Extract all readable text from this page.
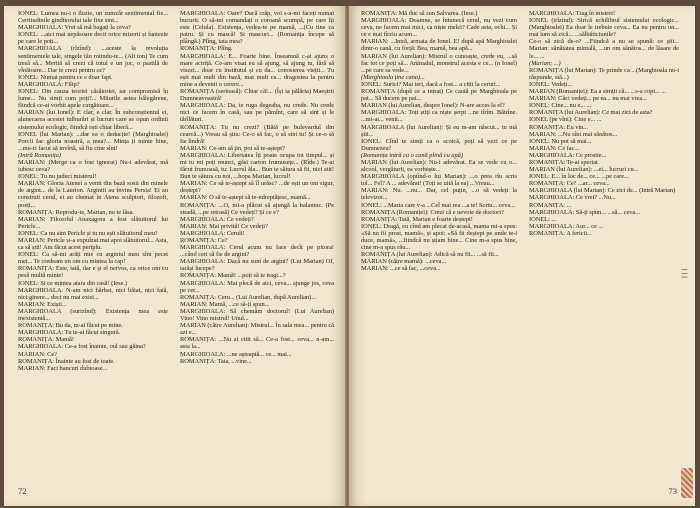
IONEL: Lumea nu-i o iluzie, un zumzăr sentimental fix... Certitudinile ginditorului tale fixe sint...

MARGHIOALA: Vrei să mă bagați la ceva?

IONEL: ...aici mai nepăsoare decit orice mizerii și fantezie pe care le poți...

MARGHIOALA (rîzînd): ...aceste la revoluția sentimentele tale, singele tău rotindu-te... (Alt ton) Te cum tresă să... Merită să crezi că totul e un joc, o pastilă de vînătoare... Dar te crezi pentru ce?

IONEL: Numai pentru ce e doar fapt.

MARGHIOALA: Filip?

IONEL: Din cauza teoriei căsătoriei, iar compromisă în lume... Nu simți cum poți?... Miturile astea bălegărene, fiindcă ce-ai vorbit apele curgătoare...

MARIAN (lui Ionel): E clar, e clar. În subconștientul ei, alunecarea acestei tulburări și lucruri care se opun ordinii sistemului ecologic, fiindcă ești chiar liberă...

IONEL (lui Marian): ...dar ea o deducție! (Marghioalei) Porcii fac gloria noastră, a mea?... Mința ți minte bine, ...mu-ri facut să invîrtă, să fiu cine sînt!

(Intră Romanița)

MARIAN: (Merge ca o fost ignorat) Nu-i adevărat, mă iubesc ceva?

IONEL: Tu nu judeci misterul!

MARIAN: Gloria Atenei a venit din bază sosii din minele de argint... de la Laurion. Argintii au învins Persia! Ei au construit cerul, ei au chemat în Atena sculptori, filozofi, poeți...

ROMANIȚA: Reprodu-te, Marian, nu te lăsa.

MARIAN: Filozoful Anaxagora a fost slătuitorul lui Pericle...

IONEL: Ca nu sint Pericle și tu nu ești slătuitorul meu!

MARIAN: Pericle și-a expulzat mai apoi slătuitorul... Asta, ca să știi! Am făcut acest periplu.

IONEL: Ca să-mi arăți mie cu argintul meu sînt pecet mei... Te credeam un om cu mintea la cap!

ROMANIȚA: Este, tată, dar e și el nervos, ca orice om cu pesă multă minte!

IONEL: Și ce mintea atara din casă! (Iese.)

MARGHIOALA: N-am nici bărbat, nici băiat, nici fată, nici ginere... deci nu mai exist...

MARIAN: Exiști...

MARGHIOALA (surizînd): Existența mea este inexistentă...

ROMANIȚA: Bu da, m-ai făcut pe mine.

MARGHIOALA: Tu te-ai făcut singură.

ROMANIȚA: Mamă!

MARGHIOALA: Ce-a fost înainte, oul sau găina?

MARIAN: Ce?

ROMANIȚA: Înainte au fost de toate.

MARIAN: Faci bancuri dubioase...

MARGHIOALA: Oare? Dacă crăp, voi s-a-mi faceți numai bucurii. O să-mi comandați o coroană scumpă, pe care îți este (Celula). Existența, vedea-te pe mamă, ...(Cu tine ca patru. Și cu mască! Și mascuri... (Romanița începe să plângă.) Plîng, tata mea?

ROMANIȚA: Plîng.

MARGHIOALA: E... Foarte bine. Înseamnă c-ai ajuns o mare actriță. Ce-am visat eu să ajung, să ajung tu, fără să visezi... doar cu institutul și cu da... conosierea vieții... Tu ești mai mult din bază, mai mult ca... dragostea la pentru mine a devenit o cerere...

ROMANIȚA (serioasă): Chiar că!... (Își ia pălăria) Maeștrii Dumneavoastră!

MARGHIOALA: Da, te ruga degeaba, nu crede. Nu crede nici ce facem în casă, sau pe pămînt, care să sint și le tărîlături.

ROMANIȚA: Tu nu crezi? (Bătă pe bulevardul din cearcă...) Vreau să știu: Ce-o să fac, o să sint tu! Și ce-o să fie lindră!

MARIAN: Ce-am să țin, pot să te-aștept?

MARGHIOALA: Libertatea îți poate ocupa tot timpul... și mi tu mi poți munci, găsi carton frumusețe... (Rîde.) Te-ai făcut frumoasă, tu: Lucrul ăla... Bun te sătura să fii, nici atit! Bun te sătura cu noi, ...hopa Marian, lucrul!

MARIAN: Ce să te-aștept să îl urăsc? ...de ești un om sigur, deștept?

MARIAN: O să te-aștept să te-ndreptățesc, mamă...

ROMANIȚA: ...O, mi-a plăcut să ajungă la balamuc. (Pe stradă, ...pe retrasă) Ce vedeți? Și ce e?

MARGHIOALA: Ce vedeți?

MARIAN: Mai privită! Ce vedeți?

MARGHIOALA: Ceruli!

ROMANIȚA: Ce?

MARGHIOALA: Cerul acum nu face decît pe pitora! ...când ceri să fie de argint?

MARGHIOALA: Dacă nu sunt de argint? (Lui Marian) Of, iarăși începe?

ROMANIȚA: Mamă! ...poți să te tragi...?

MARGHIOALA: Mai plecă de aici, ceva... ajunge jos, ceva pe cer...

ROMANIȚA: Ceru... (Lui Aurelian, după Aurelian)...

MARIAN: Mamă, ...ce să-ți spun...

MARGHIOALA: Să chemăm doctorul! (Lui Aurelian) Vino! Vino mistrul! Unul...

MARIAN (către Aurelian): Mistrul... În sala mea... pentru că azi e...

ROMANIȚA: ...Nu ai citit să... Ce-a fost... ceva... n-am... asta la...

MARGHIOALA: ...ne așteaptă... ce... mai...

ROMANIȚA: Tata, ...vine...

72

ROMANIȚA: Mă duc să sun Salvarea. (Iese.)

MARGHIOALA: Doamne, se întunecă cerul, nu vezi cum ceva, ne facem mai mici, ca niște melci? Cade asta, ochi... Și ce e mai tîrziu acum...

MARIAN: ...Intră, armata de Ionel. E! după apă Marghioalei dintr-o cană, cu forță: Bea, mamă, bea apă...

MARIAN (lui Aurelian): Mistrul o cunoaște, crede eu, ...să fac tot ce poți să... Animalul, monstrul acesta e ce... (n Ionel) ...pe care sa vede...

(Marghioala ține cana)...

IONEL: Surici? Mai ieri, dacă a fost... a citit la ceruri...

ROMANIȚA (după ce a intrat) Ce caută pe Marghioala pe pat... Să ducem pe pat...

MARIAN (lui Aurelian, despre Ionel): N-are acces la el?

MARGHIOALA: Toți știți ca niște șerpi ...ne tîrîm. Bătrîne. ...mi-ai... venit...

MARGHIOALA (lui Aurelian): Și eu m-am născut... tu mă știi...

IONEL: Cînd te simți ca o scoică, poți să vezi ce pe Dumnezeu?

(Romanița intră cu o cană plină cu apă)

MARIAN (lui Aurelian): Nu-i adevărat. Ea se vede cu o... alcool, vergăturii, ea vorbește...

MARGHIOALA (optînd-o lui Marian): ...o prea rîu scris tol... Fel? A ... adevărat! (Toți se uită la ea) ...Vreau...

MARIAN: Nu. ...nu... Dar, cel puțin, ...o să vedeți la televizor...

IONEL: ...Maria care v-a ...Cel mai rea ...a te! Scriu... ceva...

ROMANIȚA (Romaniței): Crezi că e nevoie de doctori?

ROMANIȚA: Tată, Marian e foarte deștept!

IONEL: Dragă, eu cînd am plecat de-acasă, mama mi-a spus: «Să nu fii prost, mamă», și apoi: «Să fii deștept pe unde te-i duce, mamă», ...fiindcă nu știam bine... Cine m-a spus bine, cine m-a spus rău...

ROMANIȚA (lui Aurelian): Adică să nu fii... ...să fii...

MARIAN (către mamă): ...ceva...

MARIAN: ...ce să fac, ...ceva...

MARGHIOALA: Trag în mistret!

IONEL (trîzind): Strică echilibrul sistemului ecologic... (Marghioalei) Ea doar le trebuie ceva... Ea nu pentru un... mai lum să zică... ...sălbăticiunile?

Ce-o să zică de-o? ...Fiindcă a nu se spună: ce știi... Marian: sănătatea mintală, ...un om sănătos... de lăsare de le... ...

(Marian; ...)

ROMANIȚA (lui Marian): Te prinde ca ...(Marghioala nu-i răspunde, stă...)

IONEL: Vedeți...

MARIAN (Romaniței): Ea a simțit că... ...s-a copt... ...

MARIAN: Căci vedeți... pe ea... nu mai vrea...

IONEL: Cine... nu e... ...

ROMANIȚA (lui Aurelian): Ce mai zici de asta?

IONEL (pe vînt): Cine e... ...

ROMANIȚA: Eu vin...

MARIAN: ...Nu sînt mai sănătos...

IONEL: Nu pot să mai...

MARIAN: Ce fac...

MARGHIOALA: Ce prostie...

ROMANIȚA: Te-ai speriat.

MARIAN (lui Aurelian): ...ei... lucruri cu...

IONEL: E... în loc de... ce... ...pe care...

ROMANIȚA: Ce? ...ar... ceva...

MARGHIOALA (lui Marian): Ce zici de... (Intră Marian)

MARGHIOALA: Ce vrei? ...Nu...

ROMANIȚA: ...

MARGHIOALA: Să-ți spun... ...să... ceva...

IONEL: ...

MARGHIOALA: Aur... ce ...

ROMANIȚA: A fericii...

73
|||
